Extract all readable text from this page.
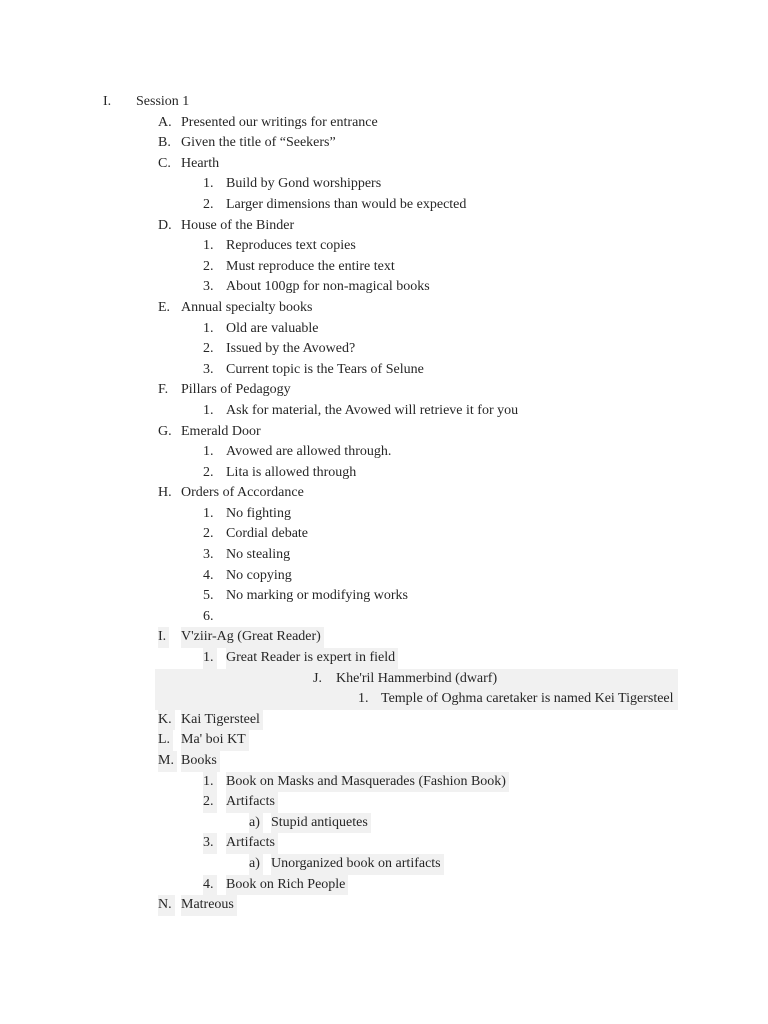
I. Session 1
A. Presented our writings for entrance
B. Given the title of “Seekers”
C. Hearth
1. Build by Gond worshippers
2. Larger dimensions than would be expected
D. House of the Binder
1. Reproduces text copies
2. Must reproduce the entire text
3. About 100gp for non-magical books
E. Annual specialty books
1. Old are valuable
2. Issued by the Avowed?
3. Current topic is the Tears of Selune
F. Pillars of Pedagogy
1. Ask for material, the Avowed will retrieve it for you
G. Emerald Door
1. Avowed are allowed through.
2. Lita is allowed through
H. Orders of Accordance
1. No fighting
2. Cordial debate
3. No stealing
4. No copying
5. No marking or modifying works
6.
I. V'ziir-Ag (Great Reader)
1. Great Reader is expert in field
J. Khe'ril Hammerbind (dwarf)
1. Temple of Oghma caretaker is named Kei Tigersteel
K. Kai Tigersteel
L. Ma' boi KT
M. Books
1. Book on Masks and Masquerades (Fashion Book)
2. Artifacts
a) Stupid antiquetes
3. Artifacts
a) Unorganized book on artifacts
4. Book on Rich People
N. Matreous
